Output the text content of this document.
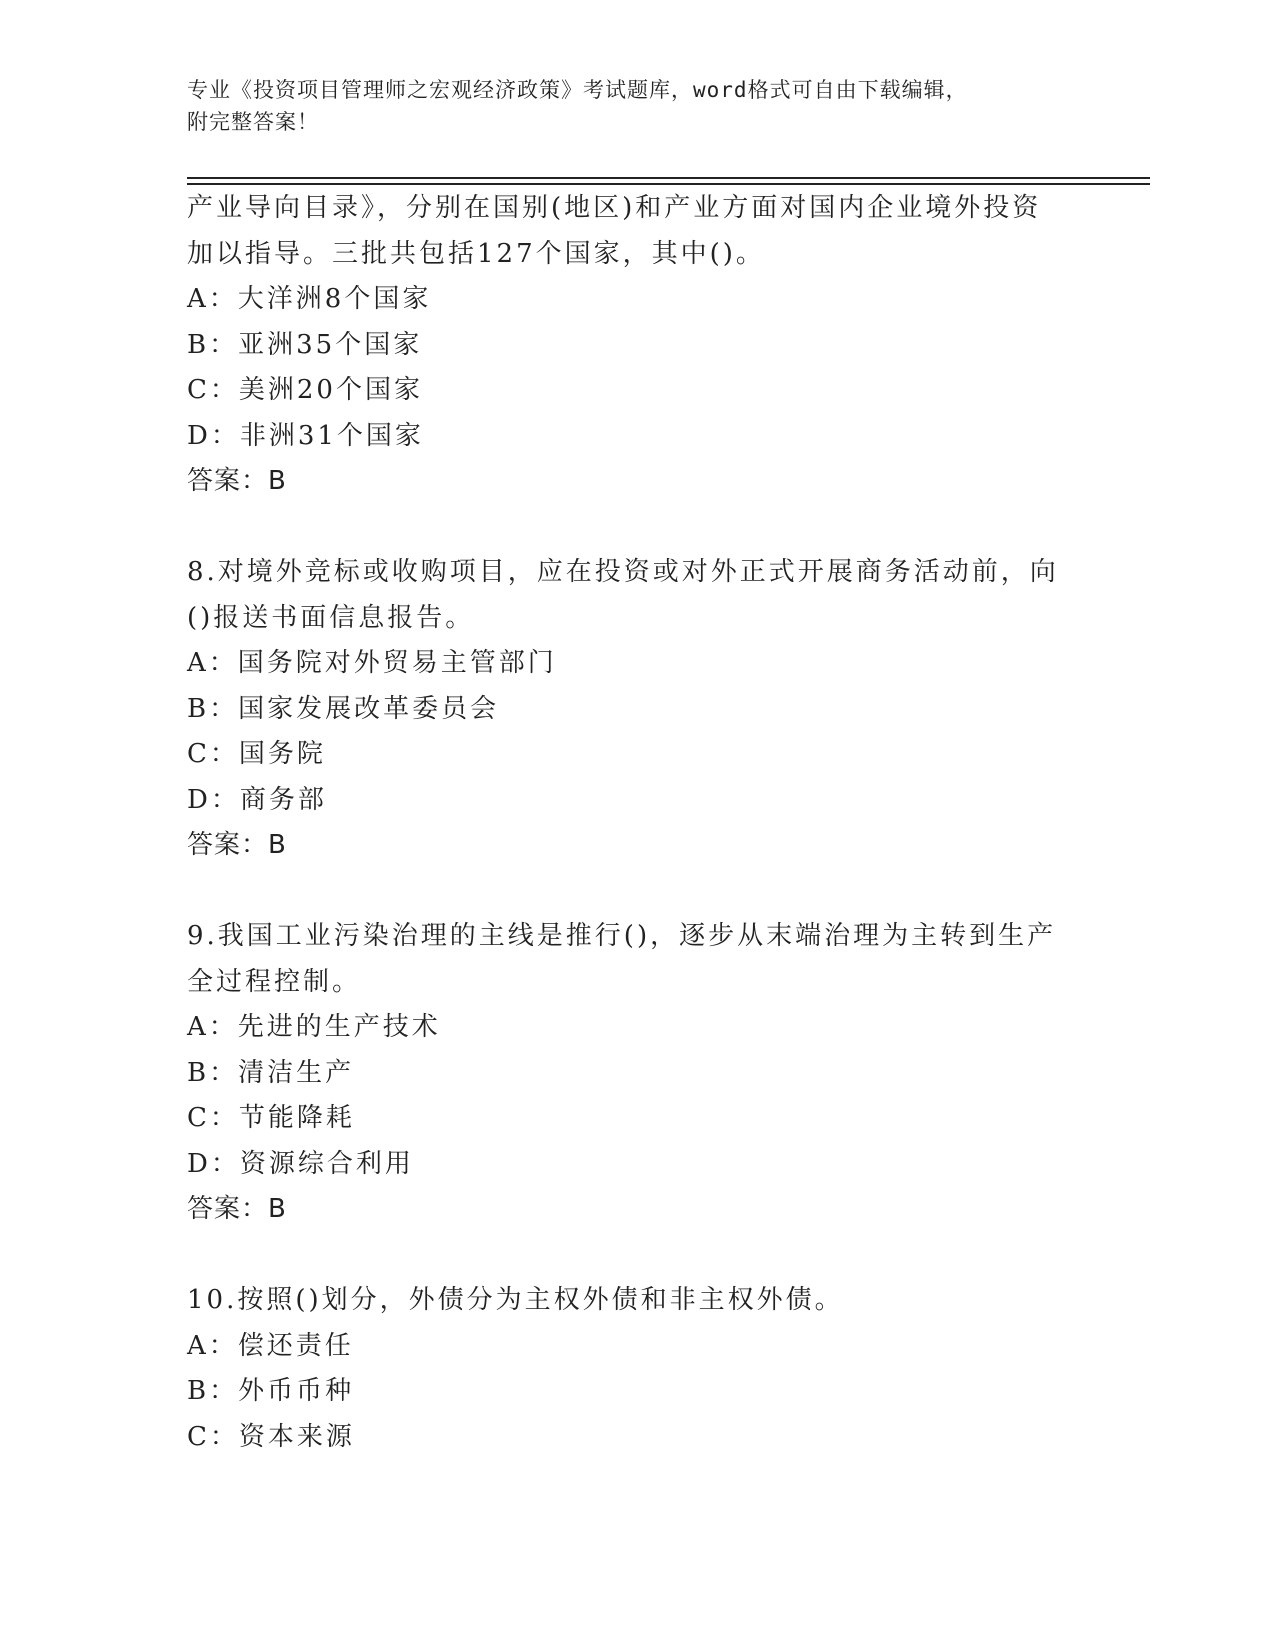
专业《投资项目管理师之宏观经济政策》考试题库，word格式可自由下载编辑，
附完整答案！
产业导向目录》，分别在国别(地区)和产业方面对国内企业境外投资
加以指导。三批共包括127个国家，其中()。
A：大洋洲8个国家
B：亚洲35个国家
C：美洲20个国家
D：非洲31个国家
答案：B
8.对境外竞标或收购项目，应在投资或对外正式开展商务活动前，向
()报送书面信息报告。
A：国务院对外贸易主管部门
B：国家发展改革委员会
C：国务院
D：商务部
答案：B
9.我国工业污染治理的主线是推行()，逐步从末端治理为主转到生产
全过程控制。
A：先进的生产技术
B：清洁生产
C：节能降耗
D：资源综合利用
答案：B
10.按照()划分，外债分为主权外债和非主权外债。
A：偿还责任
B：外币币种
C：资本来源
